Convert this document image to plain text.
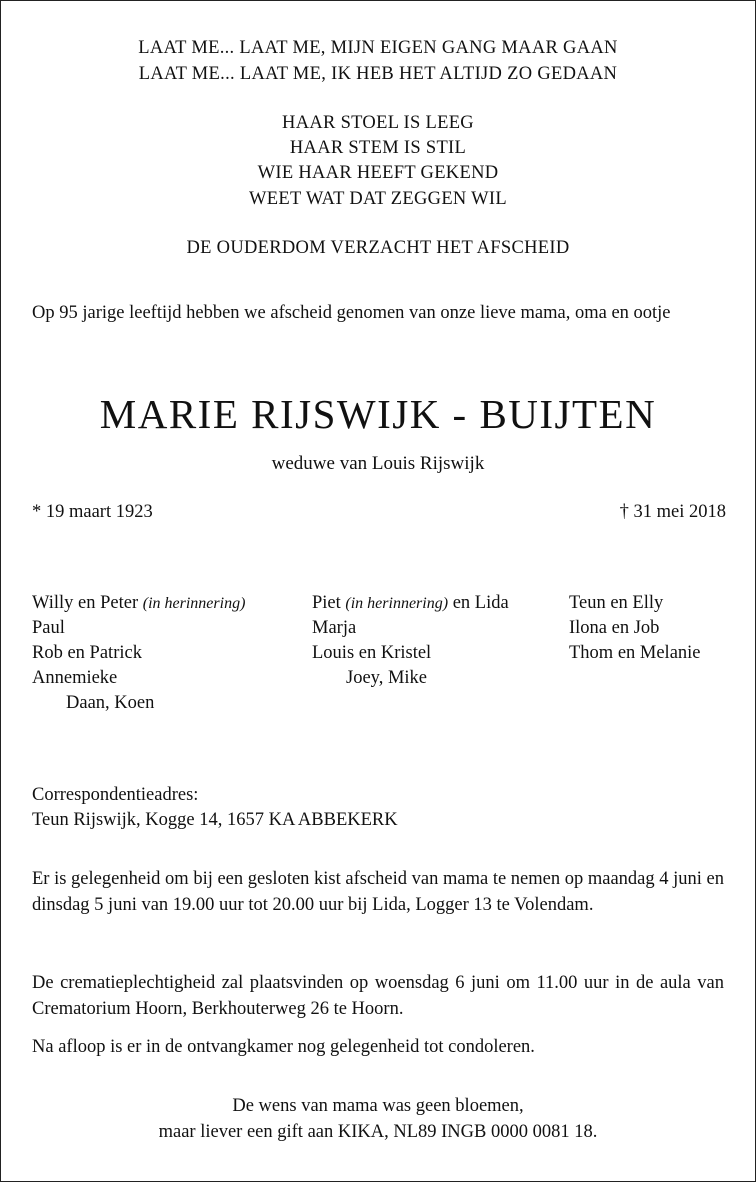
LAAT ME... LAAT ME, MIJN EIGEN GANG MAAR GAAN
LAAT ME... LAAT ME, IK HEB HET ALTIJD ZO GEDAAN
HAAR STOEL IS LEEG
HAAR STEM IS STIL
WIE HAAR HEEFT GEKEND
WEET WAT DAT ZEGGEN WIL
DE OUDERDOM VERZACHT HET AFSCHEID
Op 95 jarige leeftijd hebben we afscheid genomen van onze lieve mama, oma en ootje
MARIE RIJSWIJK - BUIJTEN
weduwe van Louis Rijswijk
* 19 maart 1923	† 31 mei 2018
Willy en Peter (in herinnering)
Paul
Rob en Patrick
Annemieke
Daan, Koen
Piet (in herinnering) en Lida
Marja
Louis en Kristel
Joey, Mike
Teun en Elly
Ilona en Job
Thom en Melanie
Correspondentieadres:
Teun Rijswijk, Kogge 14, 1657 KA ABBEKERK
Er is gelegenheid om bij een gesloten kist afscheid van mama te nemen op maandag 4 juni en dinsdag 5 juni van 19.00 uur tot 20.00 uur bij Lida, Logger 13 te Volendam.
De crematieplechtigheid zal plaatsvinden op woensdag 6 juni om 11.00 uur in de aula van Crematorium Hoorn, Berkhouterweg 26 te Hoorn.
Na afloop is er in de ontvangkamer nog gelegenheid tot condoleren.
De wens van mama was geen bloemen,
maar liever een gift aan KIKA, NL89 INGB 0000 0081 18.
